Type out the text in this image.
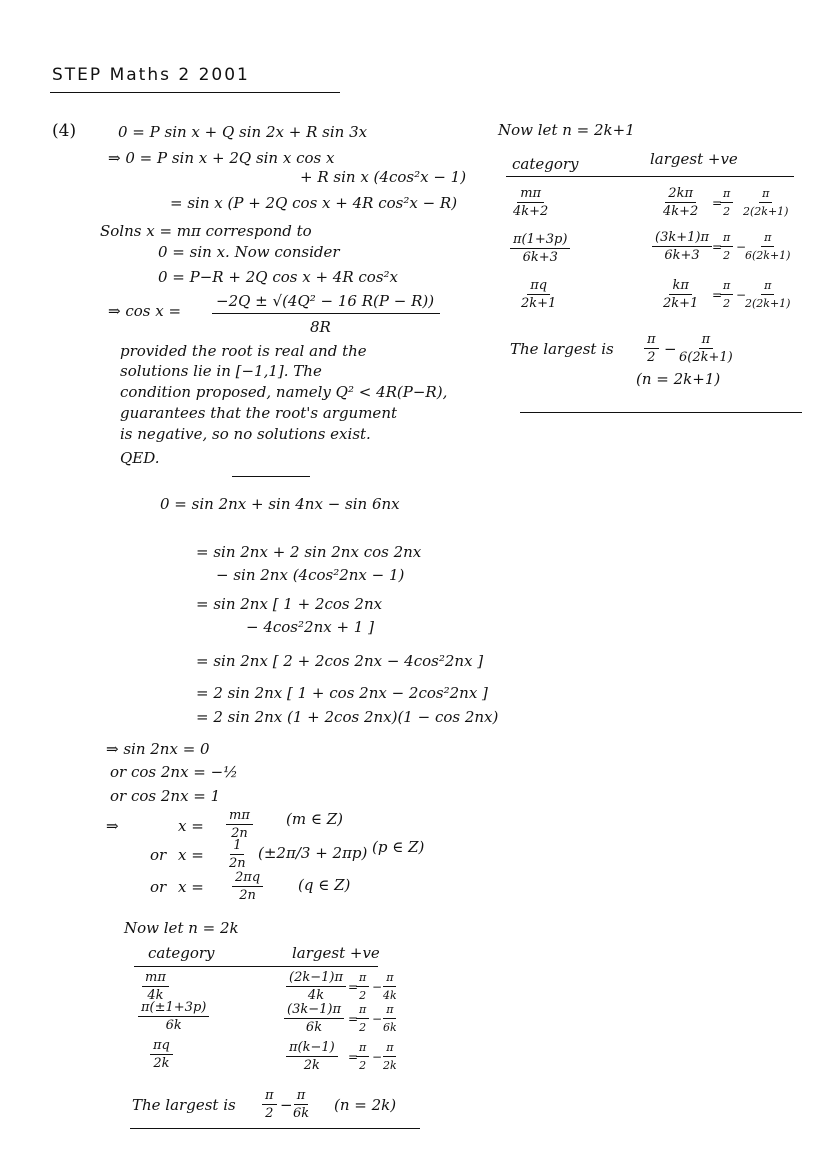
STEP Maths 2 2001
(4)	0 = P sin x + Q sin 2x + R sin 3x
⇒ 0 = P sin x + 2Q sin x cos x
+ R sin x (4cos²x − 1)
= sin x (P + 2Q cos x + 4R cos²x − R)
Solns x = mπ correspond to
0 = sin x. Now consider
0 = P−R + 2Q cos x + 4R cos²x
⇒ cos x =
−2Q ± √(4Q² − 16 R(P − R))
8R
provided the root is real and the
solutions lie in [−1,1]. The
condition proposed, namely Q² < 4R(P−R),
guarantees that the root's argument
is negative, so no solutions exist.
QED.
0 = sin 2nx + sin 4nx − sin 6nx
= sin 2nx + 2 sin 2nx cos 2nx
− sin 2nx (4cos²2nx − 1)
= sin 2nx [ 1 + 2cos 2nx
− 4cos²2nx + 1 ]
= sin 2nx [ 2 + 2cos 2nx − 4cos²2nx ]
= 2 sin 2nx [ 1 + cos 2nx − 2cos²2nx ]
= 2 sin 2nx (1 + 2cos 2nx)(1 − cos 2nx)
⇒ sin 2nx = 0
or cos 2nx = −½
or cos 2nx = 1
⇒	$x = \frac{m\pi}{2n} (m$ ∈ Z)
or $x = \frac{1}{2n} (\pm 2\pi/3 + 2\pi p)$ (p ∈ Z)
or $x = \frac{2\pi q}{2n} (q$ ∈ Z)
Now let n = 2k
category	largest +ve
$\frac{m\pi}{4k}$	$\frac{(2k-1)\pi}{4k}$ =
$\frac{\pi}{2}$ −
$\frac{\pi}{4k}$
$\frac{\pi(\pm 1+3p)}{6k}$	$\frac{(3k-1)\pi}{6k}$ =
$\frac{\pi}{2}$ −
$\frac{\pi}{6k}$
$\frac{\pi q}{2k}$	$\frac{\pi(k-1)}{2k}$ =
$\frac{\pi}{2}$ −
$\frac{\pi}{2k}$
The largest is $\frac{\pi}{2}$ −
$\frac{\pi}{6k} (n = 2k)$
Now let n = 2k+1
category	largest +ve
$\frac{m\pi}{4k+2}$	$\frac{2k\pi}{4k+2}$ =
$\frac{\pi}{2} \frac{\pi}{2(2k+1)}$
$\frac{\pi(1+3p)}{6k+3}$	$\frac{(3k+1)\pi}{6k+3}$ =
$\frac{\pi}{2}$ −
$\frac{\pi}{6(2k+1)}$
$\frac{\pi q}{2k+1}$	$\frac{k\pi}{2k+1}$ =
$\frac{\pi}{2}$ −
$\frac{\pi}{2(2k+1)}$
The largest is $\frac{\pi}{2} - \frac{\pi}{6(2k+1)}$
(n = 2k+1)
